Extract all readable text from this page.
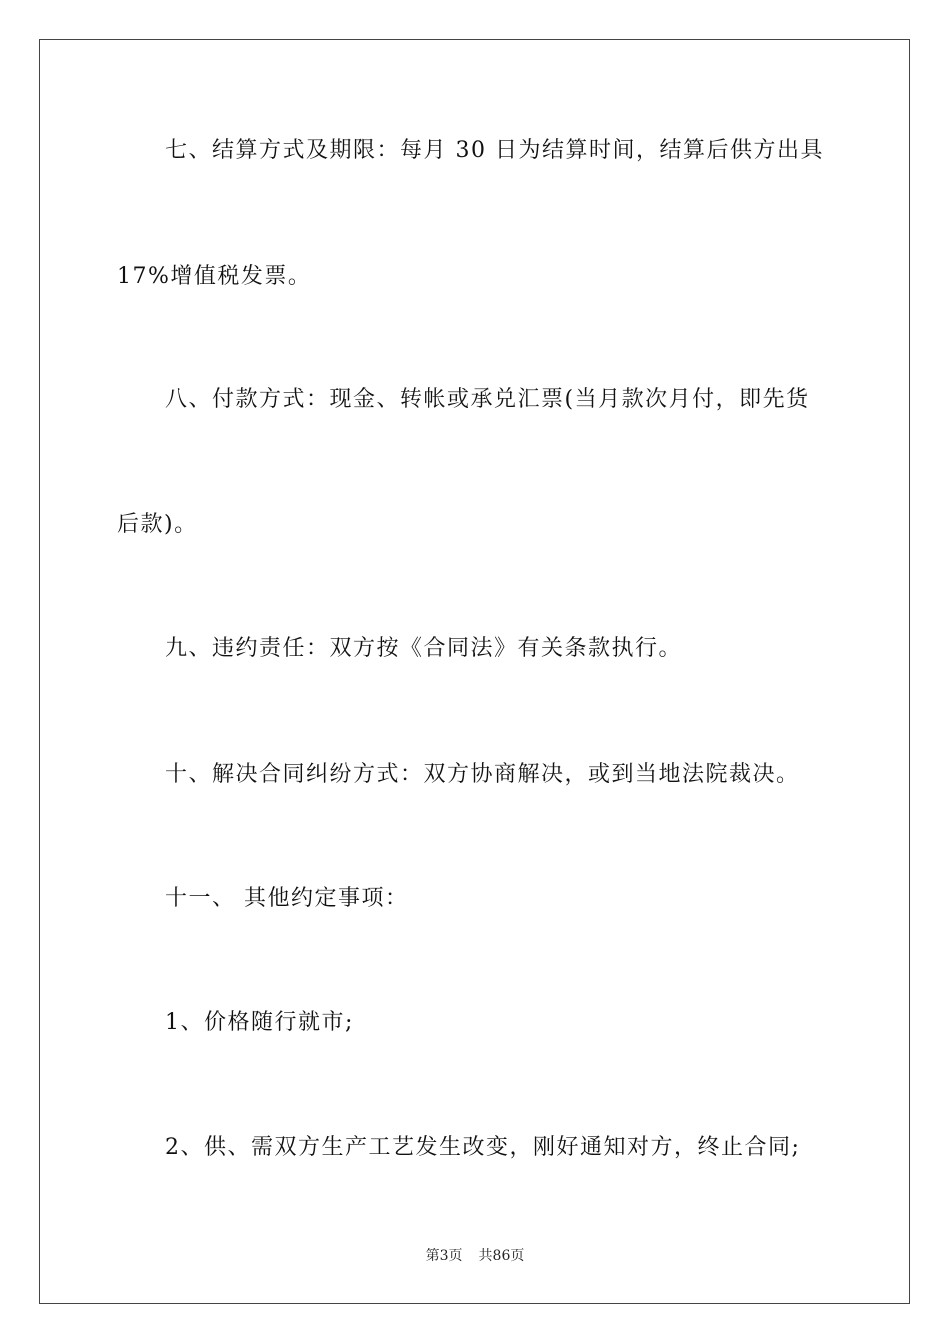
七、结算方式及期限：每月 30 日为结算时间，结算后供方出具
17%增值税发票。
八、付款方式：现金、转帐或承兑汇票(当月款次月付，即先货
后款)。
九、违约责任：双方按《合同法》有关条款执行。
十、解决合同纠纷方式：双方协商解决，或到当地法院裁决。
十一、 其他约定事项：
1、价格随行就市;
2、供、需双方生产工艺发生改变，刚好通知对方，终止合同;
第3页 共86页
